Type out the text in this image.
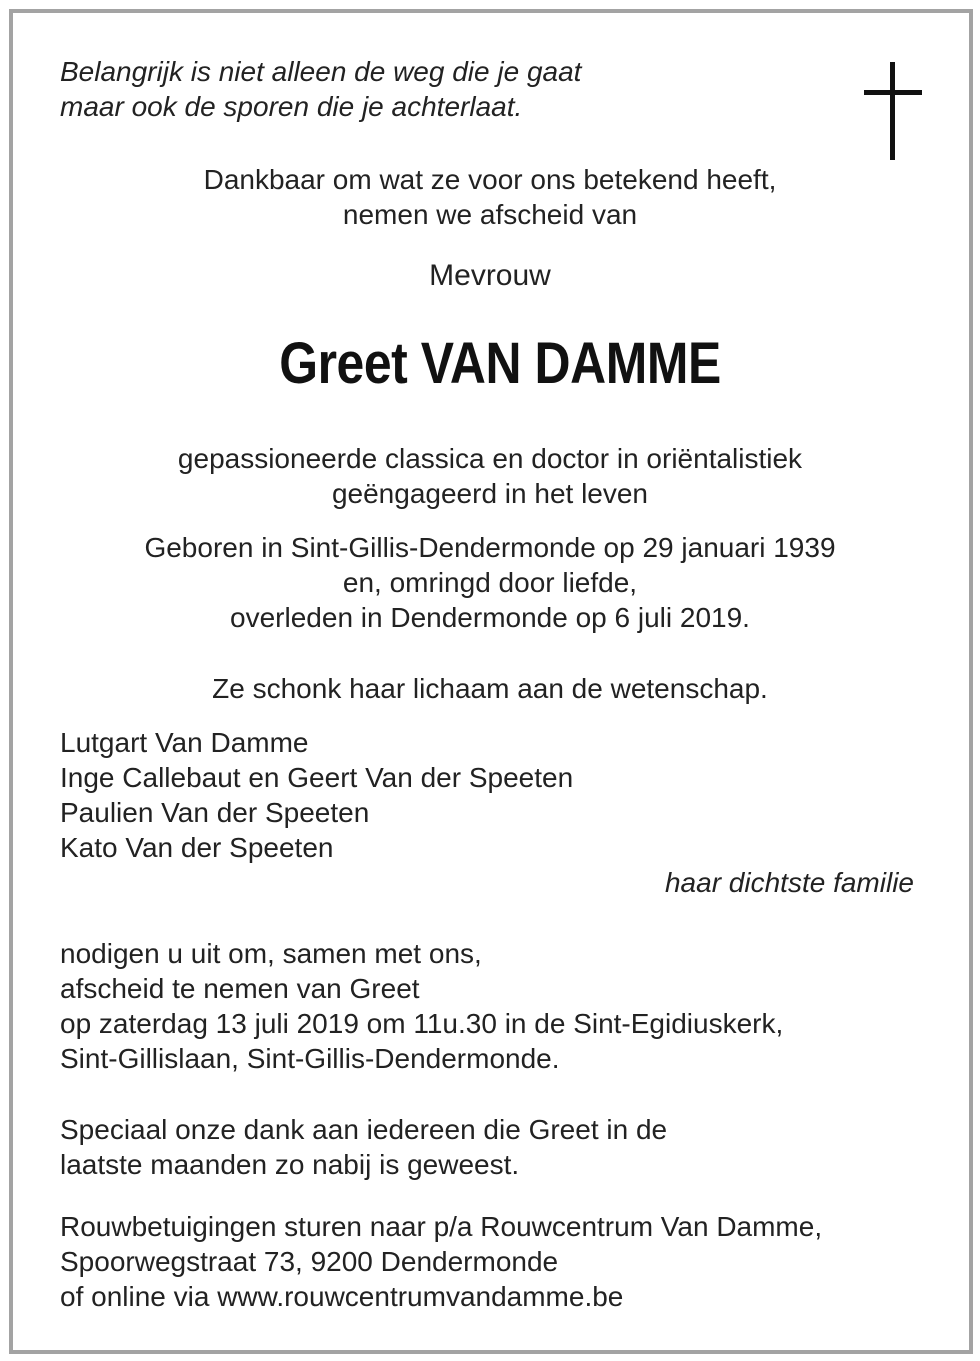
Belangrijk is niet alleen de weg die je gaat

maar ook de sporen die je achterlaat.

Dankbaar om wat ze voor ons betekend heeft,

nemen we afscheid van

Mevrouw

Greet VAN DAMME

gepassioneerde classica en doctor in oriëntalistiek

geëngageerd in het leven

Geboren in Sint-Gillis-Dendermonde op 29 januari 1939

en, omringd door liefde,

overleden in Dendermonde op 6 juli 2019.

Ze schonk haar lichaam aan de wetenschap.

Lutgart Van Damme

Inge Callebaut en Geert Van der Speeten

Paulien Van der Speeten

Kato Van der Speeten

haar dichtste familie

nodigen u uit om, samen met ons,

afscheid te nemen van Greet

op zaterdag 13 juli 2019 om 11u.30 in de Sint-Egidiuskerk,

Sint-Gillislaan, Sint-Gillis-Dendermonde.

Speciaal onze dank aan iedereen die Greet in de

laatste maanden zo nabij is geweest.

Rouwbetuigingen sturen naar p/a Rouwcentrum Van Damme,

Spoorwegstraat 73, 9200 Dendermonde

of online via www.rouwcentrumvandamme.be
